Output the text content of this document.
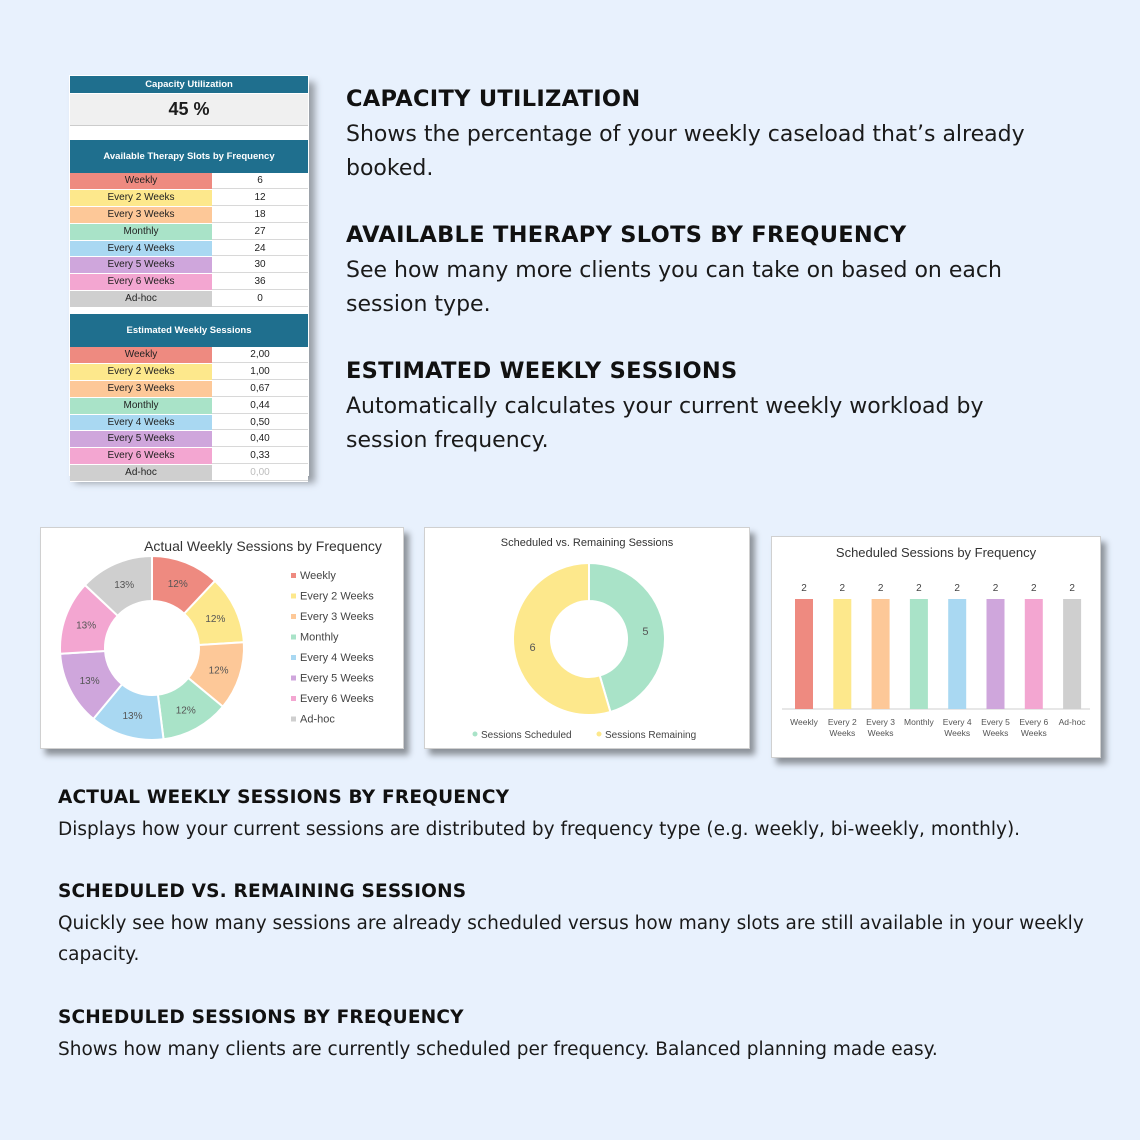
Capacity Utilization
45 %
Available Therapy Slots by Frequency
Weekly	6
Every 2 Weeks	12
Every 3 Weeks	18
Monthly	27
Every 4 Weeks	24
Every 5 Weeks	30
Every 6 Weeks	36
Ad-hoc	0
Estimated Weekly Sessions
Weekly	2,00
Every 2 Weeks	1,00
Every 3 Weeks	0,67
Monthly	0,44
Every 4 Weeks	0,50
Every 5 Weeks	0,40
Every 6 Weeks	0,33
Ad-hoc	0,00
CAPACITY UTILIZATION

Shows the percentage of your weekly caseload that’s already booked.

AVAILABLE THERAPY SLOTS BY FREQUENCY

See how many more clients you can take on based on each session type.

ESTIMATED WEEKLY SESSIONS

Automatically calculates your current weekly workload by session frequency.

Actual Weekly Sessions by Frequency
12%
12%
12%
12%
13%
13%
13%
13%
Weekly
Every 2 Weeks
Every 3 Weeks
Monthly
Every 4 Weeks
Every 5 Weeks
Every 6 Weeks
Ad-hoc
Scheduled vs. Remaining Sessions
5
6
Sessions Scheduled	Sessions Remaining
Scheduled Sessions by Frequency
2
Weekly
2
Every 2
Weeks
2
Every 3
Weeks
2
Monthly
2
Every 4
Weeks
2
Every 5
Weeks
2
Every 6
Weeks
2
Ad-hoc
ACTUAL WEEKLY SESSIONS BY FREQUENCY

Displays how your current sessions are distributed by frequency type (e.g. weekly, bi-weekly, monthly).

SCHEDULED VS. REMAINING SESSIONS

Quickly see how many sessions are already scheduled versus how many slots are still available in your weekly capacity.

SCHEDULED SESSIONS BY FREQUENCY

Shows how many clients are currently scheduled per frequency. Balanced planning made easy.
